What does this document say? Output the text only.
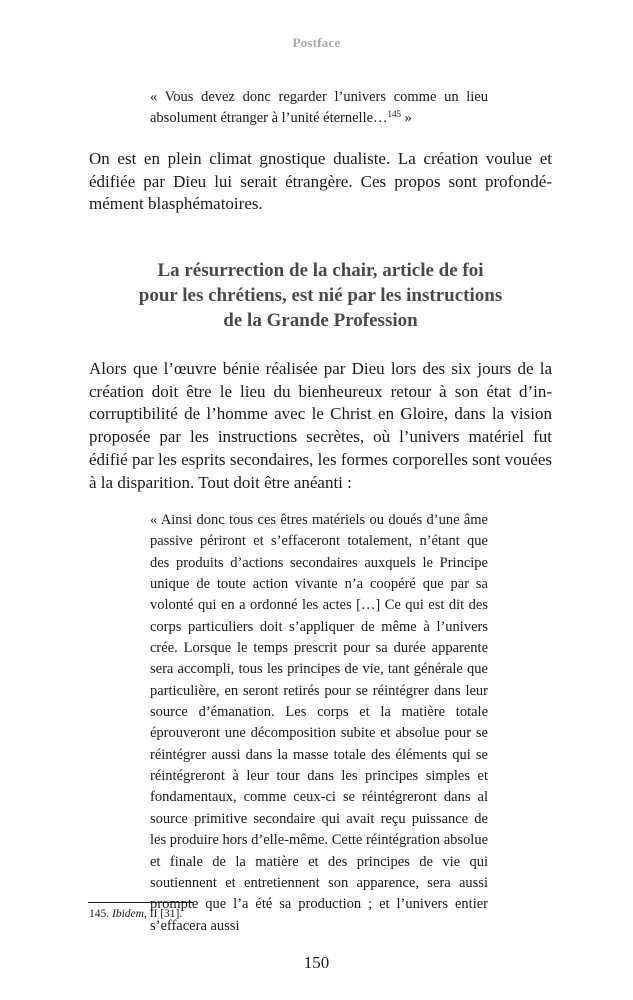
Postface

« Vous devez donc regarder l’univers comme un lieu absolument étranger à l’unité éternelle…$^{145}$ »

On est en plein climat gnostique dualiste. La création voulue et édifiée par Dieu lui serait étrangère. Ces propos sont profondémément blasphématoires.

La résurrection de la chair, article de foi
pour les chrétiens, est nié par les instructions
de la Grande Profession

Alors que l’œuvre bénie réalisée par Dieu lors des six jours de la création doit être le lieu du bienheureux retour à son état d’incorruptibilité de l’homme avec le Christ en Gloire, dans la vision proposée par les instructions secrètes, où l’univers matériel fut édifié par les esprits secondaires, les formes corporelles sont vouées à la disparition. Tout doit être anéanti :

« Ainsi donc tous ces êtres matériels ou doués d’une âme passive périront et s’effaceront totalement, n’étant que des produits d’actions secondaires auxquels le Principe unique de toute action vivante n’a coopéré que par sa volonté qui en a ordonné les actes […] Ce qui est dit des corps particuliers doit s’appliquer de même à l’univers crée. Lorsque le temps prescrit pour sa durée apparente sera accompli, tous les principes de vie, tant générale que particulière, en seront retirés pour se réintégrer dans leur source d’émanation. Les corps et la matière totale éprouveront une décomposition subite et absolue pour se réintégrer aussi dans la masse totale des éléments qui se réintégreront à leur tour dans les principes simples et fondamentaux, comme ceux-ci se réintégreront dans al source primitive secondaire qui avait reçu puissance de les produire hors d’elle-même. Cette réintégration absolue et finale de la matière et des principes de vie qui soutiennent et entretiennent son apparence, sera aussi prompte que l’a été sa production ; et l’univers entier s’effacera aussi

145. Ibidem, II [31].
150
